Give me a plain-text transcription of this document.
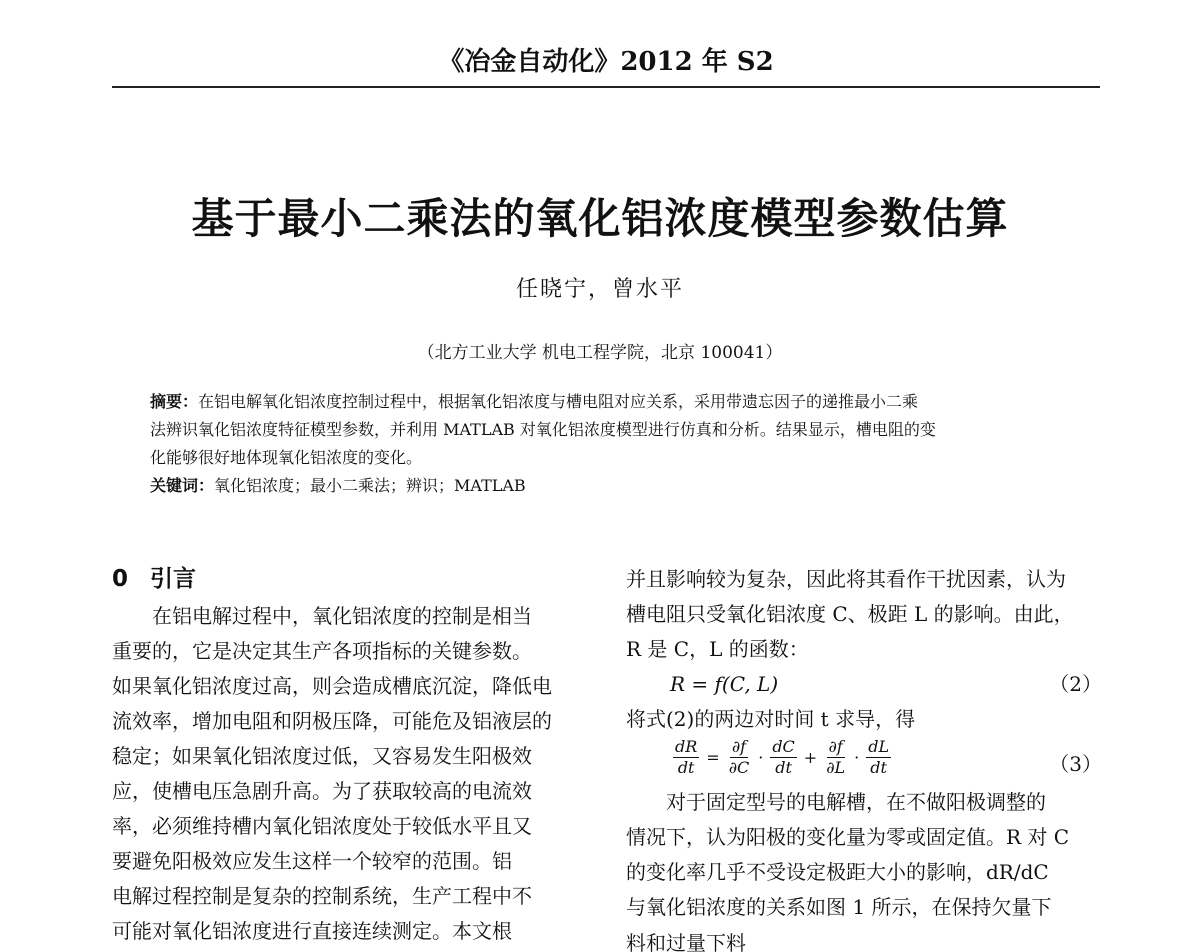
《冶金自动化》2012 年 S2
基于最小二乘法的氧化铝浓度模型参数估算
任晓宁，曾水平
（北方工业大学 机电工程学院，北京 100041）

摘要：在铝电解氧化铝浓度控制过程中，根据氧化铝浓度与槽电阻对应关系，采用带遗忘因子的递推最小二乘

法辨识氧化铝浓度特征模型参数，并利用 MATLAB 对氧化铝浓度模型进行仿真和分析。结果显示，槽电阻的变

化能够很好地体现氧化铝浓度的变化。

关键词：氧化铝浓度；最小二乘法；辨识；MATLAB

0 引言

在铝电解过程中，氧化铝浓度的控制是相当

重要的，它是决定其生产各项指标的关键参数。

如果氧化铝浓度过高，则会造成槽底沉淀，降低电

流效率，增加电阻和阴极压降，可能危及铝液层的

稳定；如果氧化铝浓度过低，又容易发生阳极效

应，使槽电压急剧升高。为了获取较高的电流效

率，必须维持槽内氧化铝浓度处于较低水平且又

要避免阳极效应发生这样一个较窄的范围。铝

电解过程控制是复杂的控制系统，生产工程中不

可能对氧化铝浓度进行直接连续测定。本文根

并且影响较为复杂，因此将其看作干扰因素，认为

槽电阻只受氧化铝浓度 C、极距 L 的影响。由此，

R 是 C，L 的函数：

R = f(C, L)	（2）

将式(2)的两边对时间 t 求导，得

$\frac{dR}{dt} = \frac{\partial f}{\partial C} \cdot \frac{dC}{dt} + \frac{\partial f}{\partial L} \cdot \frac{dL}{dt}$	（3）

对于固定型号的电解槽，在不做阳极调整的

情况下，认为阳极的变化量为零或固定值。R 对 C

的变化率几乎不受设定极距大小的影响，dR/dC

与氧化铝浓度的关系如图 1 所示，在保持欠量下

料和过量下料
